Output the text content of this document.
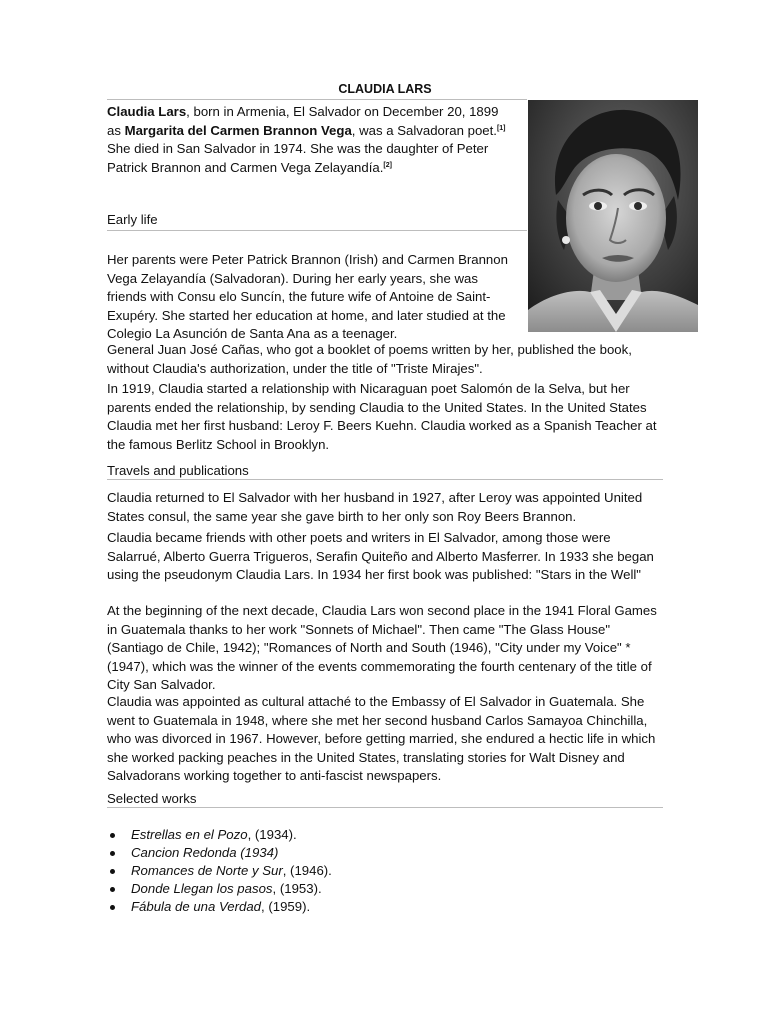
CLAUDIA LARS

Claudia Lars, born in Armenia, El Salvador on December 20, 1899 as Margarita del Carmen Brannon Vega, was a Salvadoran poet.[1] She died in San Salvador in 1974. She was the daughter of Peter Patrick Brannon and Carmen Vega Zelayandía.[2]

Early life

Her parents were Peter Patrick Brannon (Irish) and Carmen Brannon Vega Zelayandía (Salvadoran). During her early years, she was friends with Consu elo Suncín, the future wife of Antoine de Saint-Exupéry. She started her education at home, and later studied at the Colegio La Asunción de Santa Ana as a teenager.

General Juan José Cañas, who got a booklet of poems written by her, published the book, without Claudia's authorization, under the title of "Triste Mirajes".

In 1919, Claudia started a relationship with Nicaraguan poet Salomón de la Selva, but her parents ended the relationship, by sending Claudia to the United States. In the United States Claudia met her first husband: Leroy F. Beers Kuehn. Claudia worked as a Spanish Teacher at the famous Berlitz School in Brooklyn.

Travels and publications

Claudia returned to El Salvador with her husband in 1927, after Leroy was appointed United States consul, the same year she gave birth to her only son Roy Beers Brannon.

Claudia became friends with other poets and writers in El Salvador, among those were Salarrué, Alberto Guerra Trigueros, Serafin Quiteño and Alberto Masferrer. In 1933 she began using the pseudonym Claudia Lars. In 1934 her first book was published: "Stars in the Well"

At the beginning of the next decade, Claudia Lars won second place in the 1941 Floral Games in Guatemala thanks to her work "Sonnets of Michael". Then came "The Glass House" (Santiago de Chile, 1942); "Romances of North and South (1946), "City under my Voice" *(1947), which was the winner of the events commemorating the fourth centenary of the title of City San Salvador.

Claudia was appointed as cultural attaché to the Embassy of El Salvador in Guatemala. She went to Guatemala in 1948, where she met her second husband Carlos Samayoa Chinchilla, who was divorced in 1967. However, before getting married, she endured a hectic life in which she worked packing peaches in the United States, translating stories for Walt Disney and Salvadorans working together to anti-fascist newspapers.

Selected works
Estrellas en el Pozo, (1934).
Cancion Redonda (1934)
Romances de Norte y Sur, (1946).
Donde Llegan los pasos, (1953).
Fábula de una Verdad, (1959).
